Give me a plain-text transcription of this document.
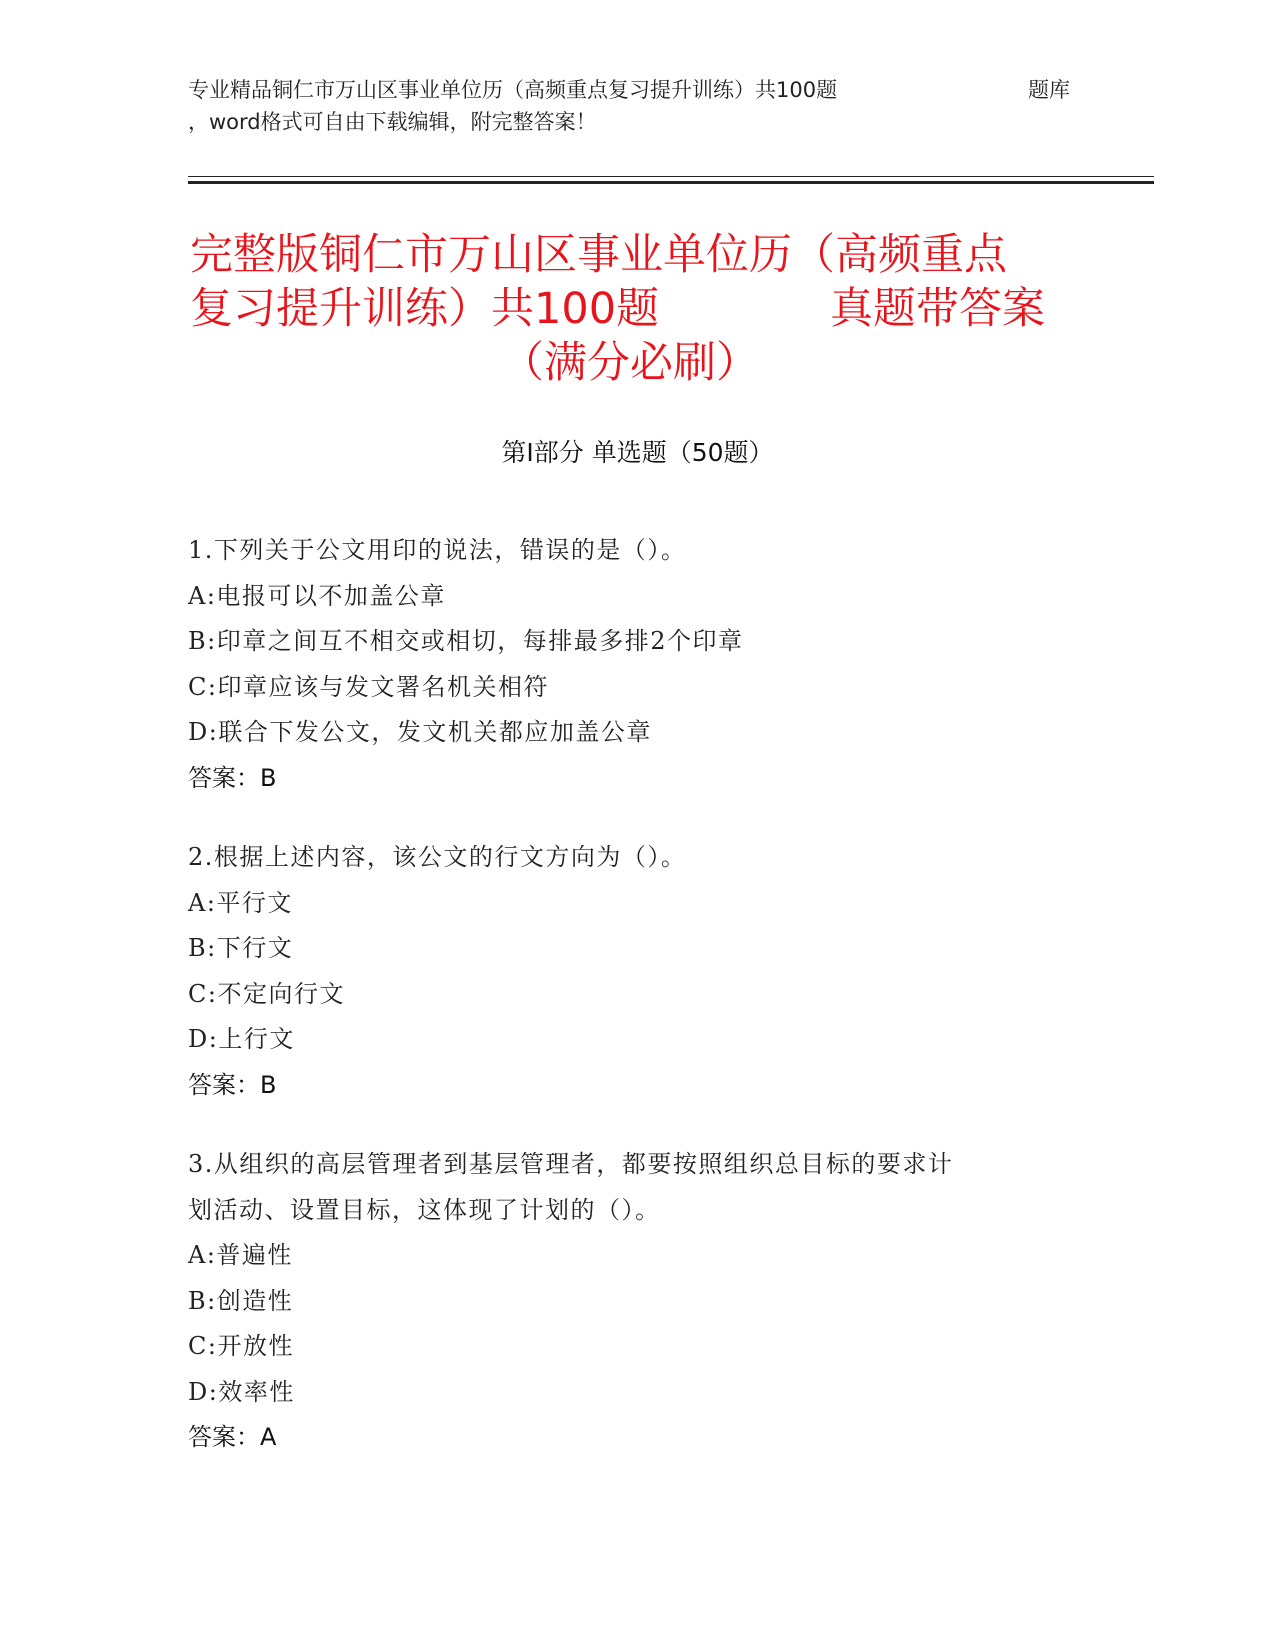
专业精品铜仁市万山区事业单位历（高频重点复习提升训练）共100题	题库
，word格式可自由下载编辑，附完整答案！
完整版铜仁市万山区事业单位历（高频重点
复习提升训练）共100题	真题带答案
（满分必刷）
第Ⅰ部分 单选题（50题）
1.下列关于公文用印的说法，错误的是（）。
A:电报可以不加盖公章
B:印章之间互不相交或相切，每排最多排2个印章
C:印章应该与发文署名机关相符
D:联合下发公文，发文机关都应加盖公章
答案：B
2.根据上述内容，该公文的行文方向为（）。
A:平行文
B:下行文
C:不定向行文
D:上行文
答案：B
3.从组织的高层管理者到基层管理者，都要按照组织总目标的要求计
划活动、设置目标，这体现了计划的（）。
A:普遍性
B:创造性
C:开放性
D:效率性
答案：A
